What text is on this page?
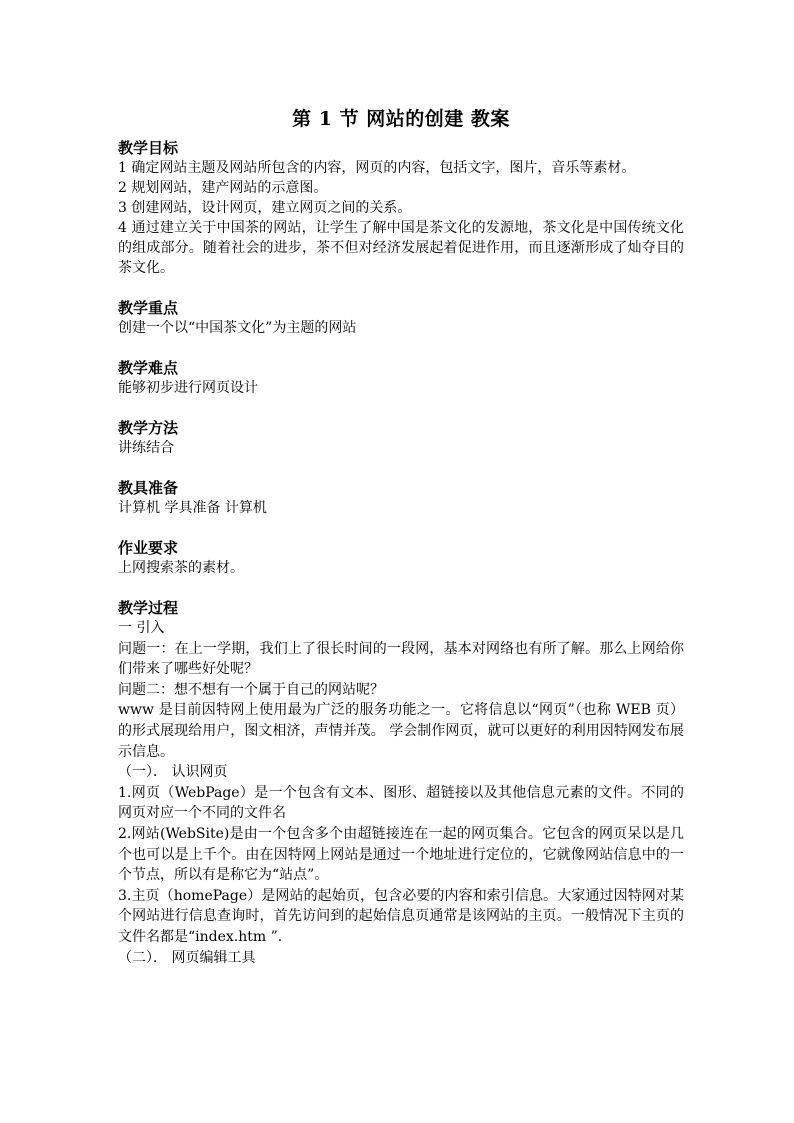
第 1 节 网站的创建 教案
教学目标

1 确定网站主题及网站所包含的内容，网页的内容，包括文字，图片，音乐等素材。

2 规划网站，建产网站的示意图。

3 创建网站，设计网页，建立网页之间的关系。

4 通过建立关于中国茶的网站，让学生了解中国是茶文化的发源地，茶文化是中国传统文化的组成部分。随着社会的进步，茶不但对经济发展起着促进作用，而且逐渐形成了灿夺目的茶文化。

教学重点

创建一个以“中国茶文化”为主题的网站

教学难点

能够初步进行网页设计

教学方法

讲练结合

教具准备

计算机 学具准备 计算机

作业要求

上网搜索茶的素材。

教学过程

一 引入

问题一：在上一学期，我们上了很长时间的一段网，基本对网络也有所了解。那么上网给你们带来了哪些好处呢？

问题二：想不想有一个属于自己的网站呢？

www 是目前因特网上使用最为广泛的服务功能之一。它将信息以“网页”（也称 WEB 页）的形式展现给用户，图文相济，声情并茂。 学会制作网页，就可以更好的利用因特网发布展示信息。

（一）． 认识网页

1.网页（WebPage）是一个包含有文本、图形、超链接以及其他信息元素的文件。不同的网页对应一个不同的文件名

2.网站(WebSite)是由一个包含多个由超链接连在一起的网页集合。它包含的网页呆以是几个也可以是上千个。由在因特网上网站是通过一个地址进行定位的，它就像网站信息中的一个节点，所以有是称它为“站点”。

3.主页（homePage）是网站的起始页，包含必要的内容和索引信息。大家通过因特网对某个网站进行信息查询时，首先访问到的起始信息页通常是该网站的主页。一般情况下主页的文件名都是“index.htm ”.

（二）． 网页编辑工具
